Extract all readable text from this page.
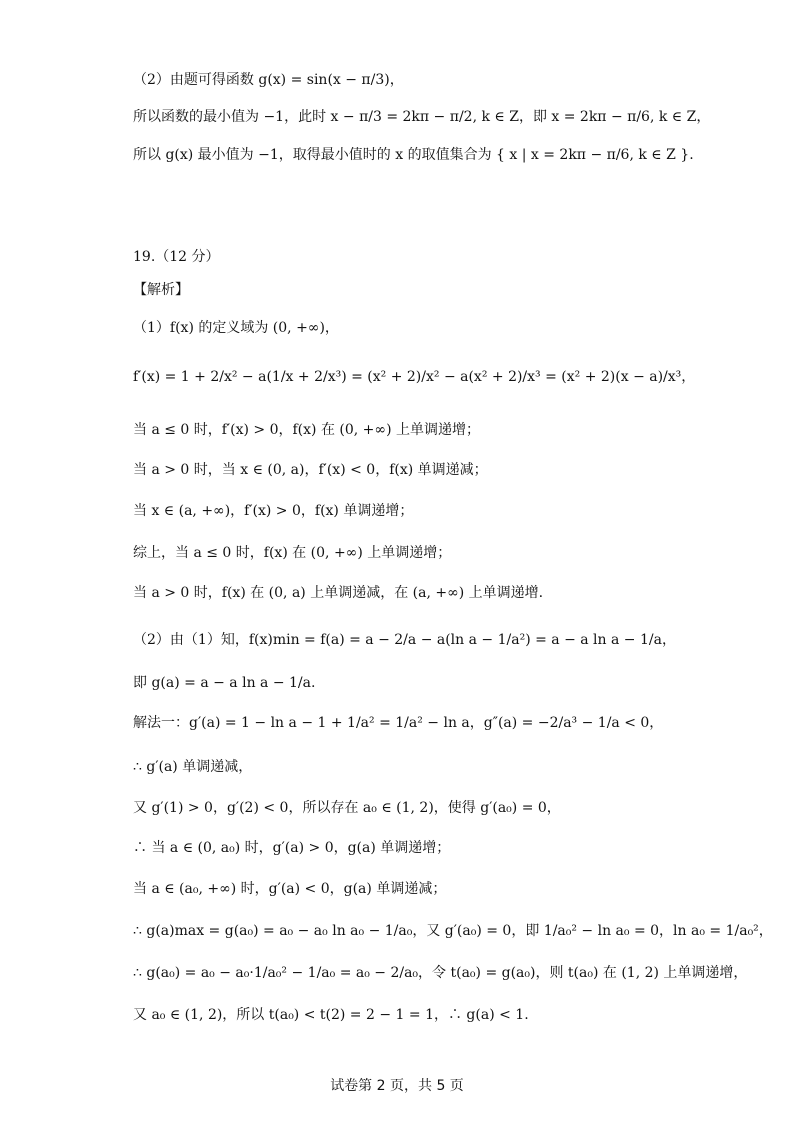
（2）由题可得函数 g(x) = sin(x − π/3)，
所以函数的最小值为 −1，此时 x − π/3 = 2kπ − π/2, k ∈ Z，即 x = 2kπ − π/6, k ∈ Z，
所以 g(x) 最小值为 −1，取得最小值时的 x 的取值集合为 { x | x = 2kπ − π/6, k ∈ Z }.
19.（12 分）
【解析】
（1）f(x) 的定义域为 (0, +∞)，
f′(x) = 1 + 2/x² − a(1/x + 2/x³) = (x² + 2)/x² − a(x² + 2)/x³ = (x² + 2)(x − a)/x³，
当 a ≤ 0 时，f′(x) > 0，f(x) 在 (0, +∞) 上单调递增；
当 a > 0 时，当 x ∈ (0, a)，f′(x) < 0，f(x) 单调递减；
当 x ∈ (a, +∞)，f′(x) > 0，f(x) 单调递增；
综上，当 a ≤ 0 时，f(x) 在 (0, +∞) 上单调递增；
当 a > 0 时，f(x) 在 (0, a) 上单调递减，在 (a, +∞) 上单调递增.
（2）由（1）知，f(x)min = f(a) = a − 2/a − a(ln a − 1/a²) = a − a ln a − 1/a，
即 g(a) = a − a ln a − 1/a.
解法一：g′(a) = 1 − ln a − 1 + 1/a² = 1/a² − ln a，g″(a) = −2/a³ − 1/a < 0，
∴ g′(a) 单调递减，
又 g′(1) > 0，g′(2) < 0，所以存在 a₀ ∈ (1, 2)，使得 g′(a₀) = 0，
∴ 当 a ∈ (0, a₀) 时，g′(a) > 0，g(a) 单调递增；
当 a ∈ (a₀, +∞) 时，g′(a) < 0，g(a) 单调递减；
∴ g(a)max = g(a₀) = a₀ − a₀ ln a₀ − 1/a₀，又 g′(a₀) = 0，即 1/a₀² − ln a₀ = 0，ln a₀ = 1/a₀²，
∴ g(a₀) = a₀ − a₀·1/a₀² − 1/a₀ = a₀ − 2/a₀，令 t(a₀) = g(a₀)，则 t(a₀) 在 (1, 2) 上单调递增，
又 a₀ ∈ (1, 2)，所以 t(a₀) < t(2) = 2 − 1 = 1，∴ g(a) < 1.
试卷第 2 页，共 5 页
